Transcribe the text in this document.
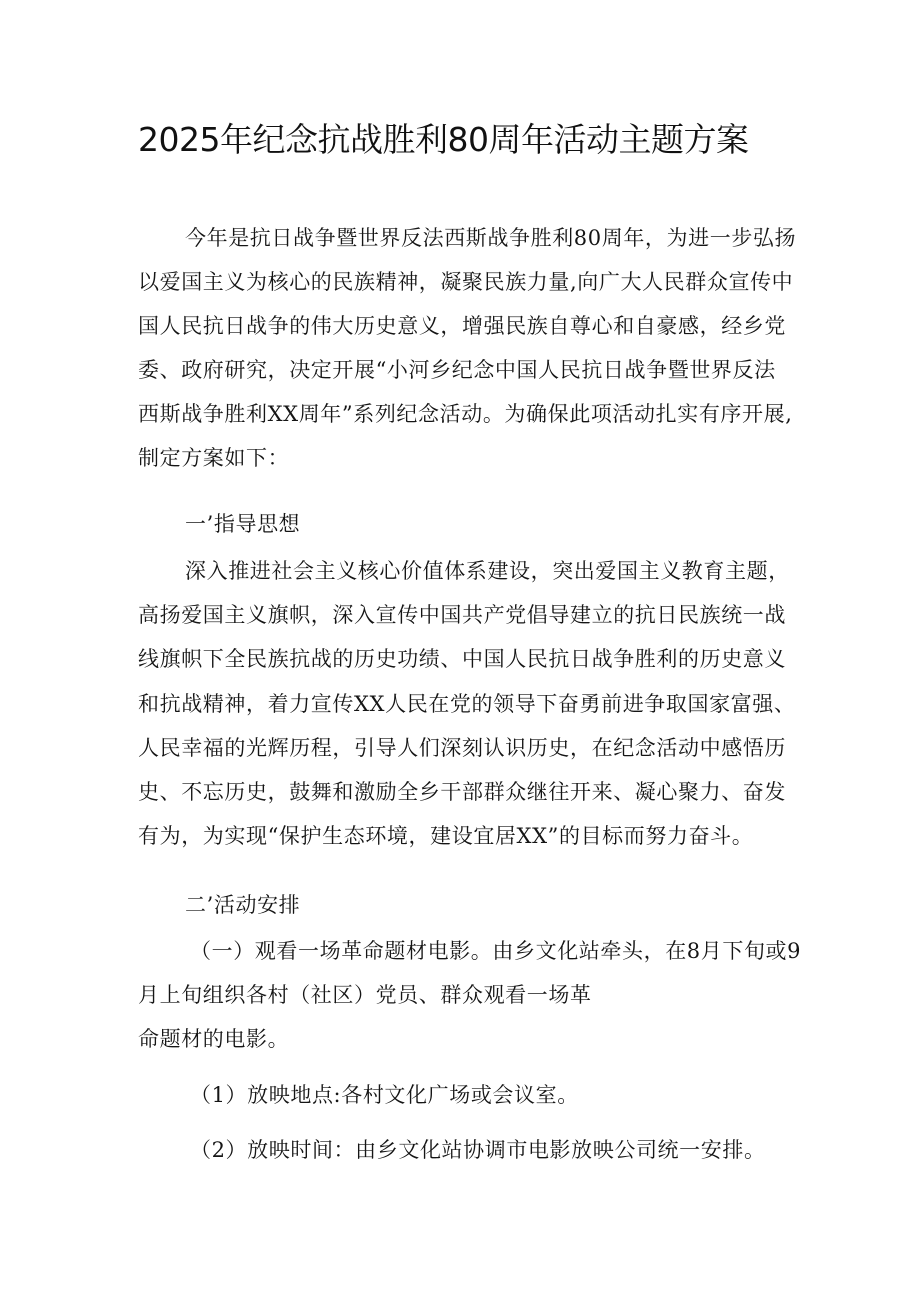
2025年纪念抗战胜利80周年活动主题方案
今年是抗日战争暨世界反法西斯战争胜利80周年，为进一步弘扬
以爱国主义为核心的民族精神，凝聚民族力量,向广大人民群众宣传中
国人民抗日战争的伟大历史意义，增强民族自尊心和自豪感，经乡党
委、政府研究，决定开展“小河乡纪念中国人民抗日战争暨世界反法
西斯战争胜利XX周年”系列纪念活动。为确保此项活动扎实有序开展,
制定方案如下：
一’指导思想
深入推进社会主义核心价值体系建设，突出爱国主义教育主题，
高扬爱国主义旗帜，深入宣传中国共产党倡导建立的抗日民族统一战
线旗帜下全民族抗战的历史功绩、中国人民抗日战争胜利的历史意义
和抗战精神，着力宣传XX人民在党的领导下奋勇前进争取国家富强、
人民幸福的光辉历程，引导人们深刻认识历史，在纪念活动中感悟历
史、不忘历史，鼓舞和激励全乡干部群众继往开来、凝心聚力、奋发
有为，为实现“保护生态环境，建设宜居XX”的目标而努力奋斗。
二’活动安排
（一）观看一场革命题材电影。由乡文化站牵头，在8月下旬或9
月上旬组织各村（社区）党员、群众观看一场革
命题材的电影。
（1）放映地点:各村文化广场或会议室。
（2）放映时间：由乡文化站协调市电影放映公司统一安排。
